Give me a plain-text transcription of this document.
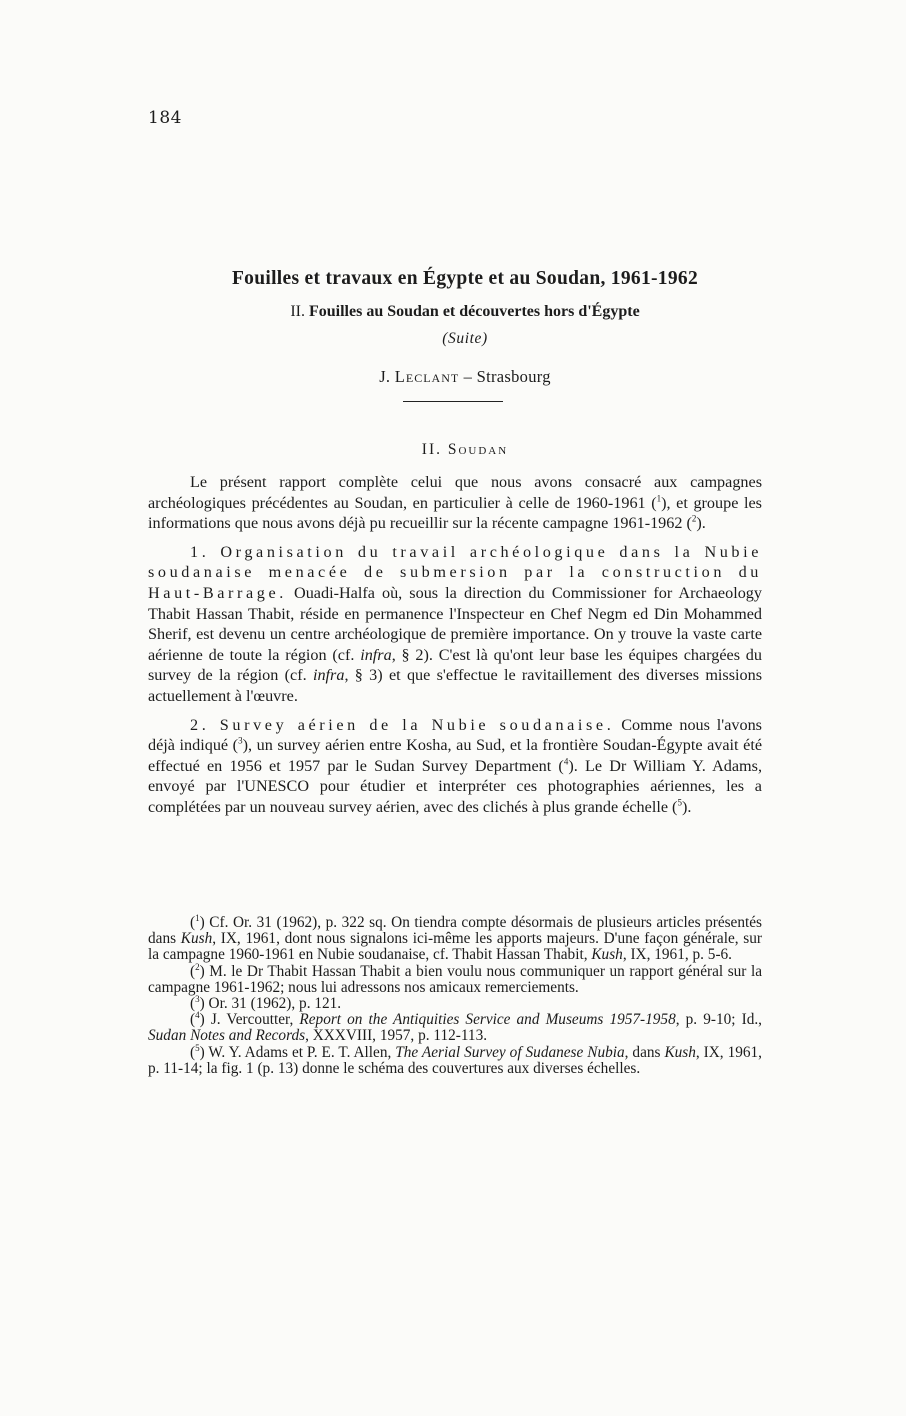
184
Fouilles et travaux en Égypte et au Soudan, 1961-1962
II. Fouilles au Soudan et découvertes hors d'Égypte
(Suite)
J. Leclant – Strasbourg
II. Soudan

Le présent rapport complète celui que nous avons consacré aux campagnes archéologiques précédentes au Soudan, en particulier à celle de 1960-1961 ($^1$), et groupe les informations que nous avons déjà pu recueillir sur la récente campagne 1961-1962 ($^2$).

1. Organisation du travail archéologique dans la Nubie soudanaise menacée de submersion par la construction du Haut-Barrage. Ouadi-Halfa où, sous la direction du Commissioner for Archaeology Thabit Hassan Thabit, réside en permanence l'Inspecteur en Chef Negm ed Din Mohammed Sherif, est devenu un centre archéologique de première importance. On y trouve la vaste carte aérienne de toute la région (cf. infra, § 2). C'est là qu'ont leur base les équipes chargées du survey de la région (cf. infra, § 3) et que s'effectue le ravitaillement des diverses missions actuellement à l'œuvre.

2. Survey aérien de la Nubie soudanaise. Comme nous l'avons déjà indiqué ($^3$), un survey aérien entre Kosha, au Sud, et la frontière Soudan-Égypte avait été effectué en 1956 et 1957 par le Sudan Survey Department ($^4$). Le Dr William Y. Adams, envoyé par l'UNESCO pour étudier et interpréter ces photographies aériennes, les a complétées par un nouveau survey aérien, avec des clichés à plus grande échelle ($^5$).

($^1$) Cf. Or. 31 (1962), p. 322 sq. On tiendra compte désormais de plusieurs articles présentés dans Kush, IX, 1961, dont nous signalons ici-même les apports majeurs. D'une façon générale, sur la campagne 1960-1961 en Nubie soudanaise, cf. Thabit Hassan Thabit, Kush, IX, 1961, p. 5-6.

($^2$) M. le Dr Thabit Hassan Thabit a bien voulu nous communiquer un rapport général sur la campagne 1961-1962; nous lui adressons nos amicaux remerciements.

($^3$) Or. 31 (1962), p. 121.

($^4$) J. Vercoutter, Report on the Antiquities Service and Museums 1957-1958, p. 9-10; Id., Sudan Notes and Records, XXXVIII, 1957, p. 112-113.

($^5$) W. Y. Adams et P. E. T. Allen, The Aerial Survey of Sudanese Nubia, dans Kush, IX, 1961, p. 11-14; la fig. 1 (p. 13) donne le schéma des couvertures aux diverses échelles.
